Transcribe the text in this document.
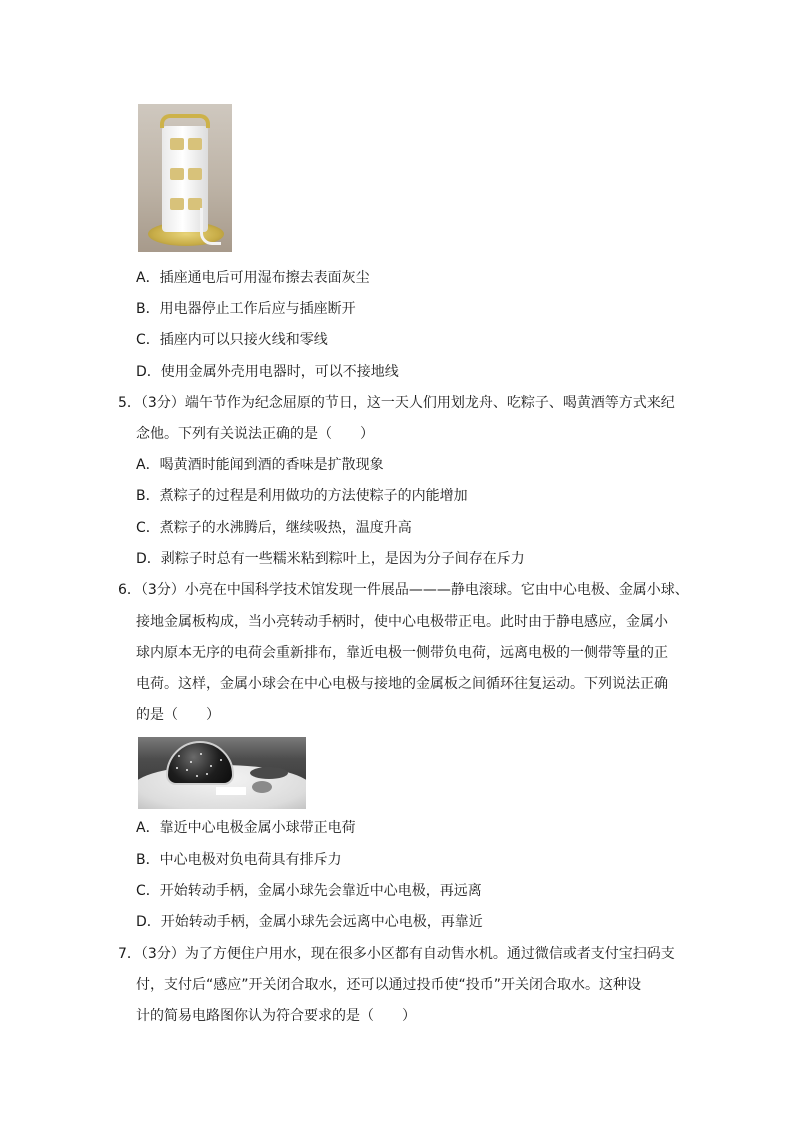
A．插座通电后可用湿布擦去表面灰尘
B．用电器停止工作后应与插座断开
C．插座内可以只接火线和零线
D．使用金属外壳用电器时，可以不接地线
5．（3分）端午节作为纪念屈原的节日，这一天人们用划龙舟、吃粽子、喝黄酒等方式来纪
念他。下列有关说法正确的是（　　）
A．喝黄酒时能闻到酒的香味是扩散现象
B．煮粽子的过程是利用做功的方法使粽子的内能增加
C．煮粽子的水沸腾后，继续吸热，温度升高
D．剥粽子时总有一些糯米粘到粽叶上，是因为分子间存在斥力
6．（3分）小亮在中国科学技术馆发现一件展品———静电滚球。它由中心电极、金属小球、
接地金属板构成，当小亮转动手柄时，使中心电极带正电。此时由于静电感应，金属小
球内原本无序的电荷会重新排布，靠近电极一侧带负电荷，远离电极的一侧带等量的正
电荷。这样，金属小球会在中心电极与接地的金属板之间循环往复运动。下列说法正确
的是（　　）
A．靠近中心电极金属小球带正电荷
B．中心电极对负电荷具有排斥力
C．开始转动手柄，金属小球先会靠近中心电极，再远离
D．开始转动手柄，金属小球先会远离中心电极，再靠近
7．（3分）为了方便住户用水，现在很多小区都有自动售水机。通过微信或者支付宝扫码支
付，支付后“感应”开关闭合取水，还可以通过投币使“投币”开关闭合取水。这种设
计的简易电路图你认为符合要求的是（　　）
